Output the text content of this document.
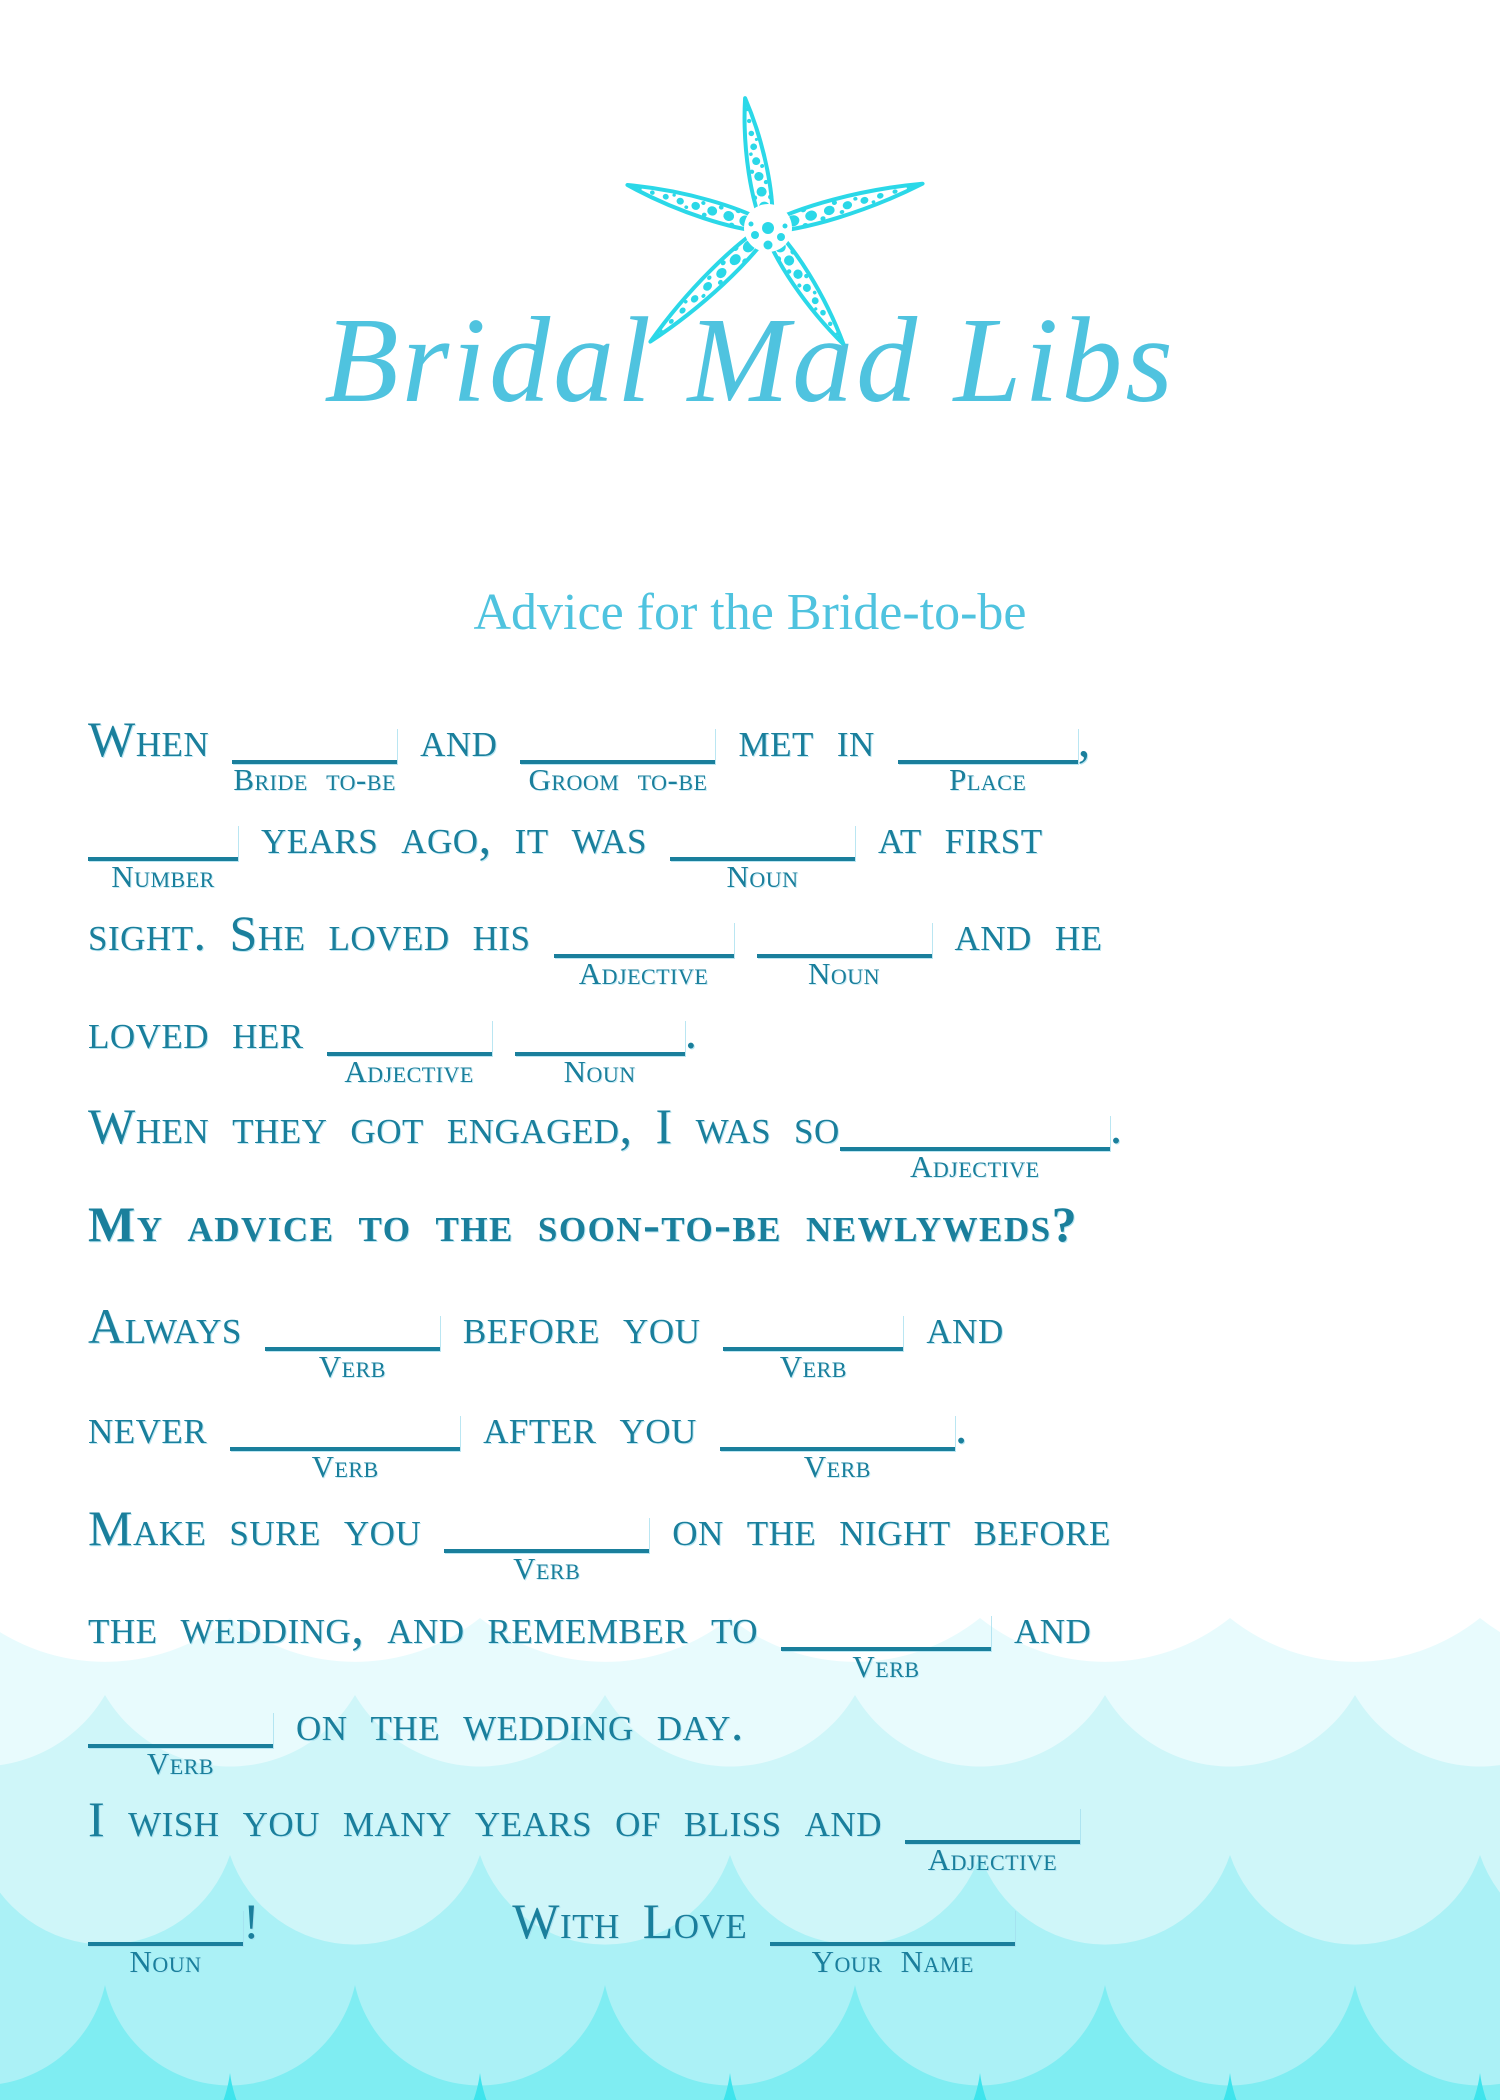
Bridal Mad Libs
Advice for the Bride-to-be
When
Bride to-be
and
Groom to-be
met in
Place
,
Number
years ago, it was
Noun
at first
sight. She loved his
Adjective
	Noun
and he
loved her
Adjective
	Noun
.
When they got engaged, I was so
Adjective
.
My advice to the soon-to-be newlyweds?
Always
Verb
before you
Verb
and
never
Verb
after you
Verb
.
Make sure you
Verb
on the night before
the wedding, and remember to
Verb
and
Verb
on the wedding day.
I wish you many years of bliss and
Adjective
Noun
!	With Love
Your Name
